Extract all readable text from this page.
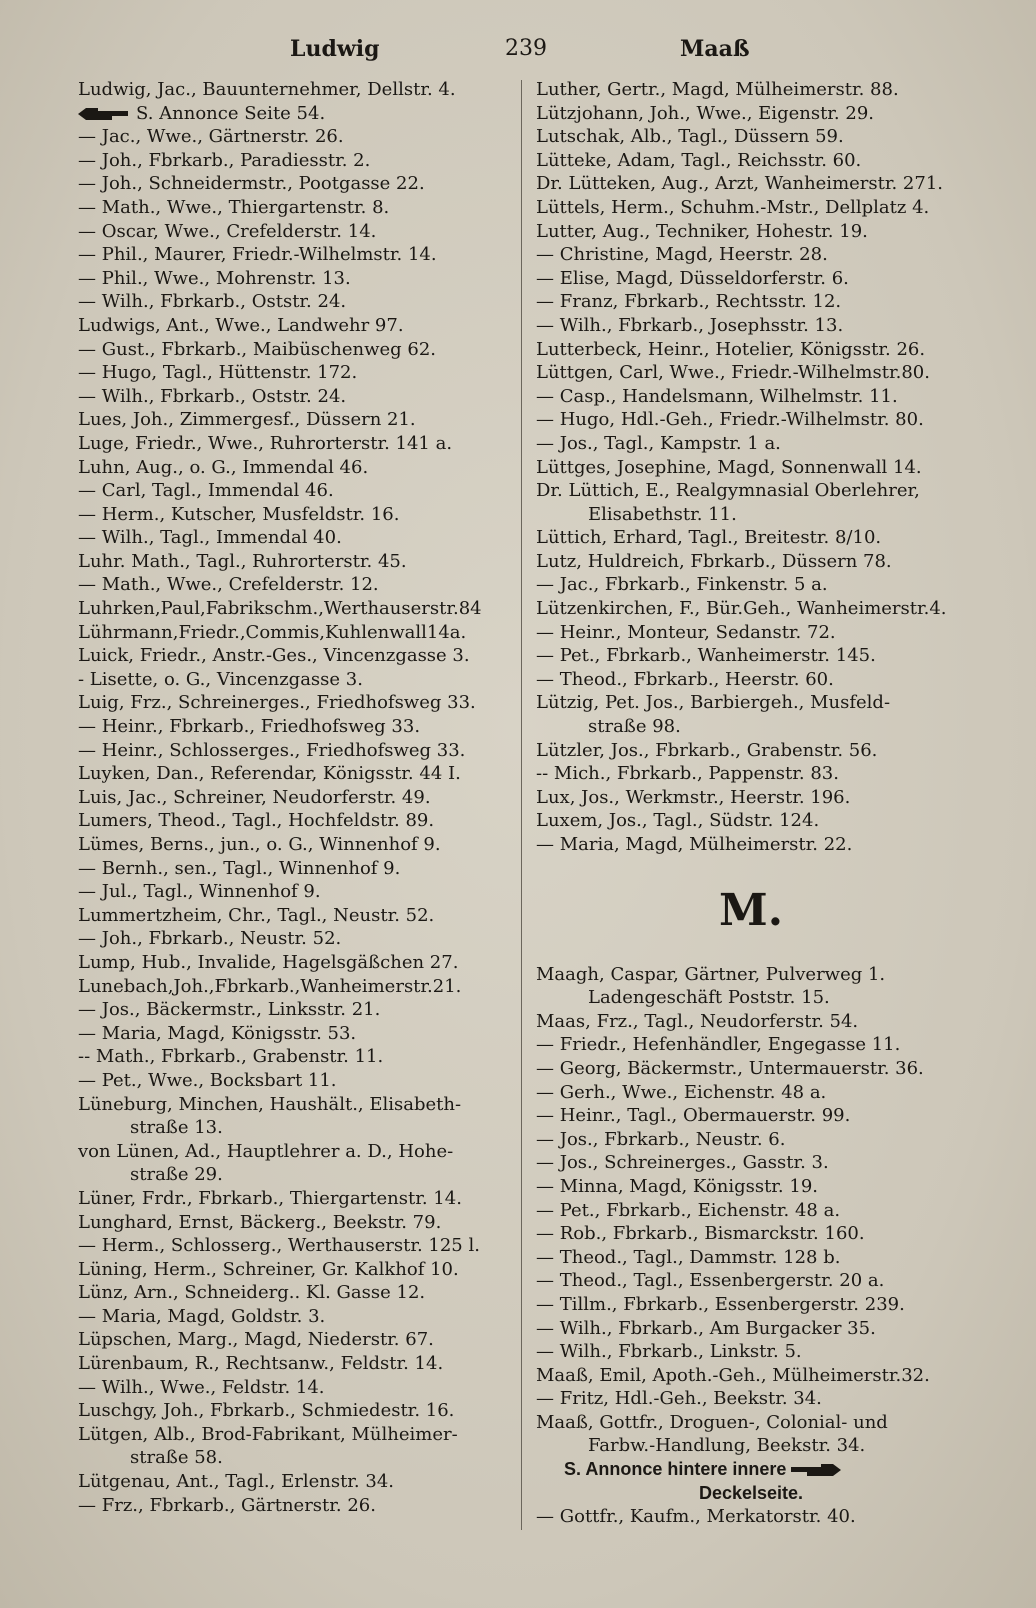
Ludwig	239	Maaß
Ludwig, Jac., Bauunternehmer, Dellstr. 4.
S. Annonce Seite 54.
— Jac., Wwe., Gärtnerstr. 26.
— Joh., Fbrkarb., Paradiesstr. 2.
— Joh., Schneidermstr., Pootgasse 22.
— Math., Wwe., Thiergartenstr. 8.
— Oscar, Wwe., Crefelderstr. 14.
— Phil., Maurer, Friedr.-Wilhelmstr. 14.
— Phil., Wwe., Mohrenstr. 13.
— Wilh., Fbrkarb., Oststr. 24.
Ludwigs, Ant., Wwe., Landwehr 97.
— Gust., Fbrkarb., Maibüschenweg 62.
— Hugo, Tagl., Hüttenstr. 172.
— Wilh., Fbrkarb., Oststr. 24.
Lues, Joh., Zimmergesf., Düssern 21.
Luge, Friedr., Wwe., Ruhrorterstr. 141 a.
Luhn, Aug., o. G., Immendal 46.
— Carl, Tagl., Immendal 46.
— Herm., Kutscher, Musfeldstr. 16.
— Wilh., Tagl., Immendal 40.
Luhr. Math., Tagl., Ruhrorterstr. 45.
— Math., Wwe., Crefelderstr. 12.
Luhrken,Paul,Fabrikschm.,Werthauserstr.84
Lührmann,Friedr.,Commis,Kuhlenwall14a.
Luick, Friedr., Anstr.-Ges., Vincenzgasse 3.
- Lisette, o. G., Vincenzgasse 3.
Luig, Frz., Schreinerges., Friedhofsweg 33.
— Heinr., Fbrkarb., Friedhofsweg 33.
— Heinr., Schlosserges., Friedhofsweg 33.
Luyken, Dan., Referendar, Königsstr. 44 I.
Luis, Jac., Schreiner, Neudorferstr. 49.
Lumers, Theod., Tagl., Hochfeldstr. 89.
Lümes, Berns., jun., o. G., Winnenhof 9.
— Bernh., sen., Tagl., Winnenhof 9.
— Jul., Tagl., Winnenhof 9.
Lummertzheim, Chr., Tagl., Neustr. 52.
— Joh., Fbrkarb., Neustr. 52.
Lump, Hub., Invalide, Hagelsgäßchen 27.
Lunebach,Joh.,Fbrkarb.,Wanheimerstr.21.
— Jos., Bäckermstr., Linksstr. 21.
— Maria, Magd, Königsstr. 53.
-- Math., Fbrkarb., Grabenstr. 11.
— Pet., Wwe., Bocksbart 11.
Lüneburg, Minchen, Haushält., Elisabeth-
straße 13.
von Lünen, Ad., Hauptlehrer a. D., Hohe-
straße 29.
Lüner, Frdr., Fbrkarb., Thiergartenstr. 14.
Lunghard, Ernst, Bäckerg., Beekstr. 79.
— Herm., Schlosserg., Werthauserstr. 125 l.
Lüning, Herm., Schreiner, Gr. Kalkhof 10.
Lünz, Arn., Schneiderg.. Kl. Gasse 12.
— Maria, Magd, Goldstr. 3.
Lüpschen, Marg., Magd, Niederstr. 67.
Lürenbaum, R., Rechtsanw., Feldstr. 14.
— Wilh., Wwe., Feldstr. 14.
Luschgy, Joh., Fbrkarb., Schmiedestr. 16.
Lütgen, Alb., Brod-Fabrikant, Mülheimer-
straße 58.
Lütgenau, Ant., Tagl., Erlenstr. 34.
— Frz., Fbrkarb., Gärtnerstr. 26.
Luther, Gertr., Magd, Mülheimerstr. 88.
Lützjohann, Joh., Wwe., Eigenstr. 29.
Lutschak, Alb., Tagl., Düssern 59.
Lütteke, Adam, Tagl., Reichsstr. 60.
Dr. Lütteken, Aug., Arzt, Wanheimerstr. 271.
Lüttels, Herm., Schuhm.-Mstr., Dellplatz 4.
Lutter, Aug., Techniker, Hohestr. 19.
— Christine, Magd, Heerstr. 28.
— Elise, Magd, Düsseldorferstr. 6.
— Franz, Fbrkarb., Rechtsstr. 12.
— Wilh., Fbrkarb., Josephsstr. 13.
Lutterbeck, Heinr., Hotelier, Königsstr. 26.
Lüttgen, Carl, Wwe., Friedr.-Wilhelmstr.80.
— Casp., Handelsmann, Wilhelmstr. 11.
— Hugo, Hdl.-Geh., Friedr.-Wilhelmstr. 80.
— Jos., Tagl., Kampstr. 1 a.
Lüttges, Josephine, Magd, Sonnenwall 14.
Dr. Lüttich, E., Realgymnasial Oberlehrer,
Elisabethstr. 11.
Lüttich, Erhard, Tagl., Breitestr. 8/10.
Lutz, Huldreich, Fbrkarb., Düssern 78.
— Jac., Fbrkarb., Finkenstr. 5 a.
Lützenkirchen, F., Bür.Geh., Wanheimerstr.4.
— Heinr., Monteur, Sedanstr. 72.
— Pet., Fbrkarb., Wanheimerstr. 145.
— Theod., Fbrkarb., Heerstr. 60.
Lützig, Pet. Jos., Barbiergeh., Musfeld-
straße 98.
Lützler, Jos., Fbrkarb., Grabenstr. 56.
-- Mich., Fbrkarb., Pappenstr. 83.
Lux, Jos., Werkmstr., Heerstr. 196.
Luxem, Jos., Tagl., Südstr. 124.
— Maria, Magd, Mülheimerstr. 22.
M.
Maagh, Caspar, Gärtner, Pulverweg 1.
Ladengeschäft Poststr. 15.
Maas, Frz., Tagl., Neudorferstr. 54.
— Friedr., Hefenhändler, Engegasse 11.
— Georg, Bäckermstr., Untermauerstr. 36.
— Gerh., Wwe., Eichenstr. 48 a.
— Heinr., Tagl., Obermauerstr. 99.
— Jos., Fbrkarb., Neustr. 6.
— Jos., Schreinerges., Gasstr. 3.
— Minna, Magd, Königsstr. 19.
— Pet., Fbrkarb., Eichenstr. 48 a.
— Rob., Fbrkarb., Bismarckstr. 160.
— Theod., Tagl., Dammstr. 128 b.
— Theod., Tagl., Essenbergerstr. 20 a.
— Tillm., Fbrkarb., Essenbergerstr. 239.
— Wilh., Fbrkarb., Am Burgacker 35.
— Wilh., Fbrkarb., Linkstr. 5.
Maaß, Emil, Apoth.-Geh., Mülheimerstr.32.
— Fritz, Hdl.-Geh., Beekstr. 34.
Maaß, Gottfr., Droguen-, Colonial- und
Farbw.-Handlung, Beekstr. 34.
S. Annonce hintere innere
Deckelseite.
— Gottfr., Kaufm., Merkatorstr. 40.
